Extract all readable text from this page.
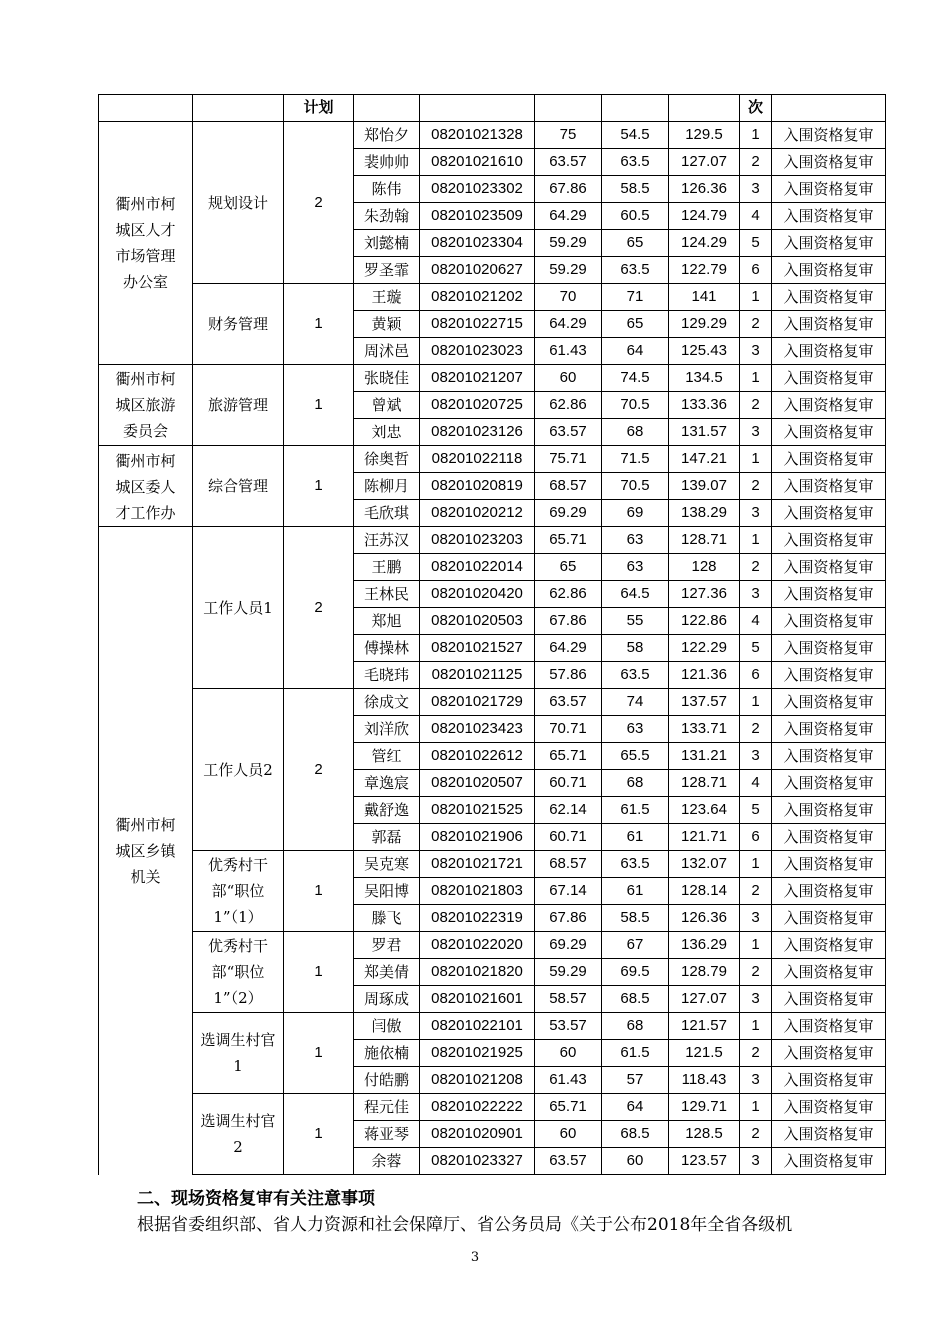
		计划						次	
衢州市柯城区人才市场管理办公室	规划设计	2	郑怡夕	08201021328	75	54.5	129.5	1	入围资格复审
			裴帅帅	08201021610	63.57	63.5	127.07	2	入围资格复审
			陈伟	08201023302	67.86	58.5	126.36	3	入围资格复审
			朱劲翰	08201023509	64.29	60.5	124.79	4	入围资格复审
			刘懿楠	08201023304	59.29	65	124.29	5	入围资格复审
			罗圣霏	08201020627	59.29	63.5	122.79	6	入围资格复审
	财务管理	1	王璇	08201021202	70	71	141	1	入围资格复审
			黄颖	08201022715	64.29	65	129.29	2	入围资格复审
			周沭邑	08201023023	61.43	64	125.43	3	入围资格复审
衢州市柯城区旅游委员会	旅游管理	1	张晓佳	08201021207	60	74.5	134.5	1	入围资格复审
			曾斌	08201020725	62.86	70.5	133.36	2	入围资格复审
			刘忠	08201023126	63.57	68	131.57	3	入围资格复审

衢州市柯城区委人才工作办	综合管理	1	徐奥哲	08201022118	75.71	71.5	147.21	1	入围资格复审
			陈柳月	08201020819	68.57	70.5	139.07	2	入围资格复审
			毛欣琪	08201020212	69.29	69	138.29	3	入围资格复审
衢州市柯城区乡镇机关	工作人员1	2	汪苏汉	08201023203	65.71	63	128.71	1	入围资格复审
			王鹏	08201022014	65	63	128	2	入围资格复审
			王林民	08201020420	62.86	64.5	127.36	3	入围资格复审
			郑旭	08201020503	67.86	55	122.86	4	入围资格复审
			傅操林	08201021527	64.29	58	122.29	5	入围资格复审
			毛晓玮	08201021125	57.86	63.5	121.36	6	入围资格复审
	工作人员2	2	徐成文	08201021729	63.57	74	137.57	1	入围资格复审
			刘洋欣	08201023423	70.71	63	133.71	2	入围资格复审
			管红	08201022612	65.71	65.5	131.21	3	入围资格复审
			章逸宸	08201020507	60.71	68	128.71	4	入围资格复审
			戴舒逸	08201021525	62.14	61.5	123.64	5	入围资格复审
			郭磊	08201021906	60.71	61	121.71	6	入围资格复审
	优秀村干部“职位1”（1）	1	吴克寒	08201021721	68.57	63.5	132.07	1	入围资格复审
			吴阳博	08201021803	67.14	61	128.14	2	入围资格复审
			滕飞	08201022319	67.86	58.5	126.36	3	入围资格复审
	优秀村干部“职位1”（2）	1	罗君	08201022020	69.29	67	136.29	1	入围资格复审
			郑美倩	08201021820	59.29	69.5	128.79	2	入围资格复审
			周琢成	08201021601	58.57	68.5	127.07	3	入围资格复审
	选调生村官1	1	闫傲	08201022101	53.57	68	121.57	1	入围资格复审
			施依楠	08201021925	60	61.5	121.5	2	入围资格复审
			付皓鹏	08201021208	61.43	57	118.43	3	入围资格复审
	选调生村官2	1	程元佳	08201022222	65.71	64	129.71	1	入围资格复审
			蒋亚琴	08201020901	60	68.5	128.5	2	入围资格复审
			余蓉	08201023327	63.57	60	123.57	3	入围资格复审
二、现场资格复审有关注意事项
根据省委组织部、省人力资源和社会保障厅、省公务员局《关于公布2018年全省各级机
3
